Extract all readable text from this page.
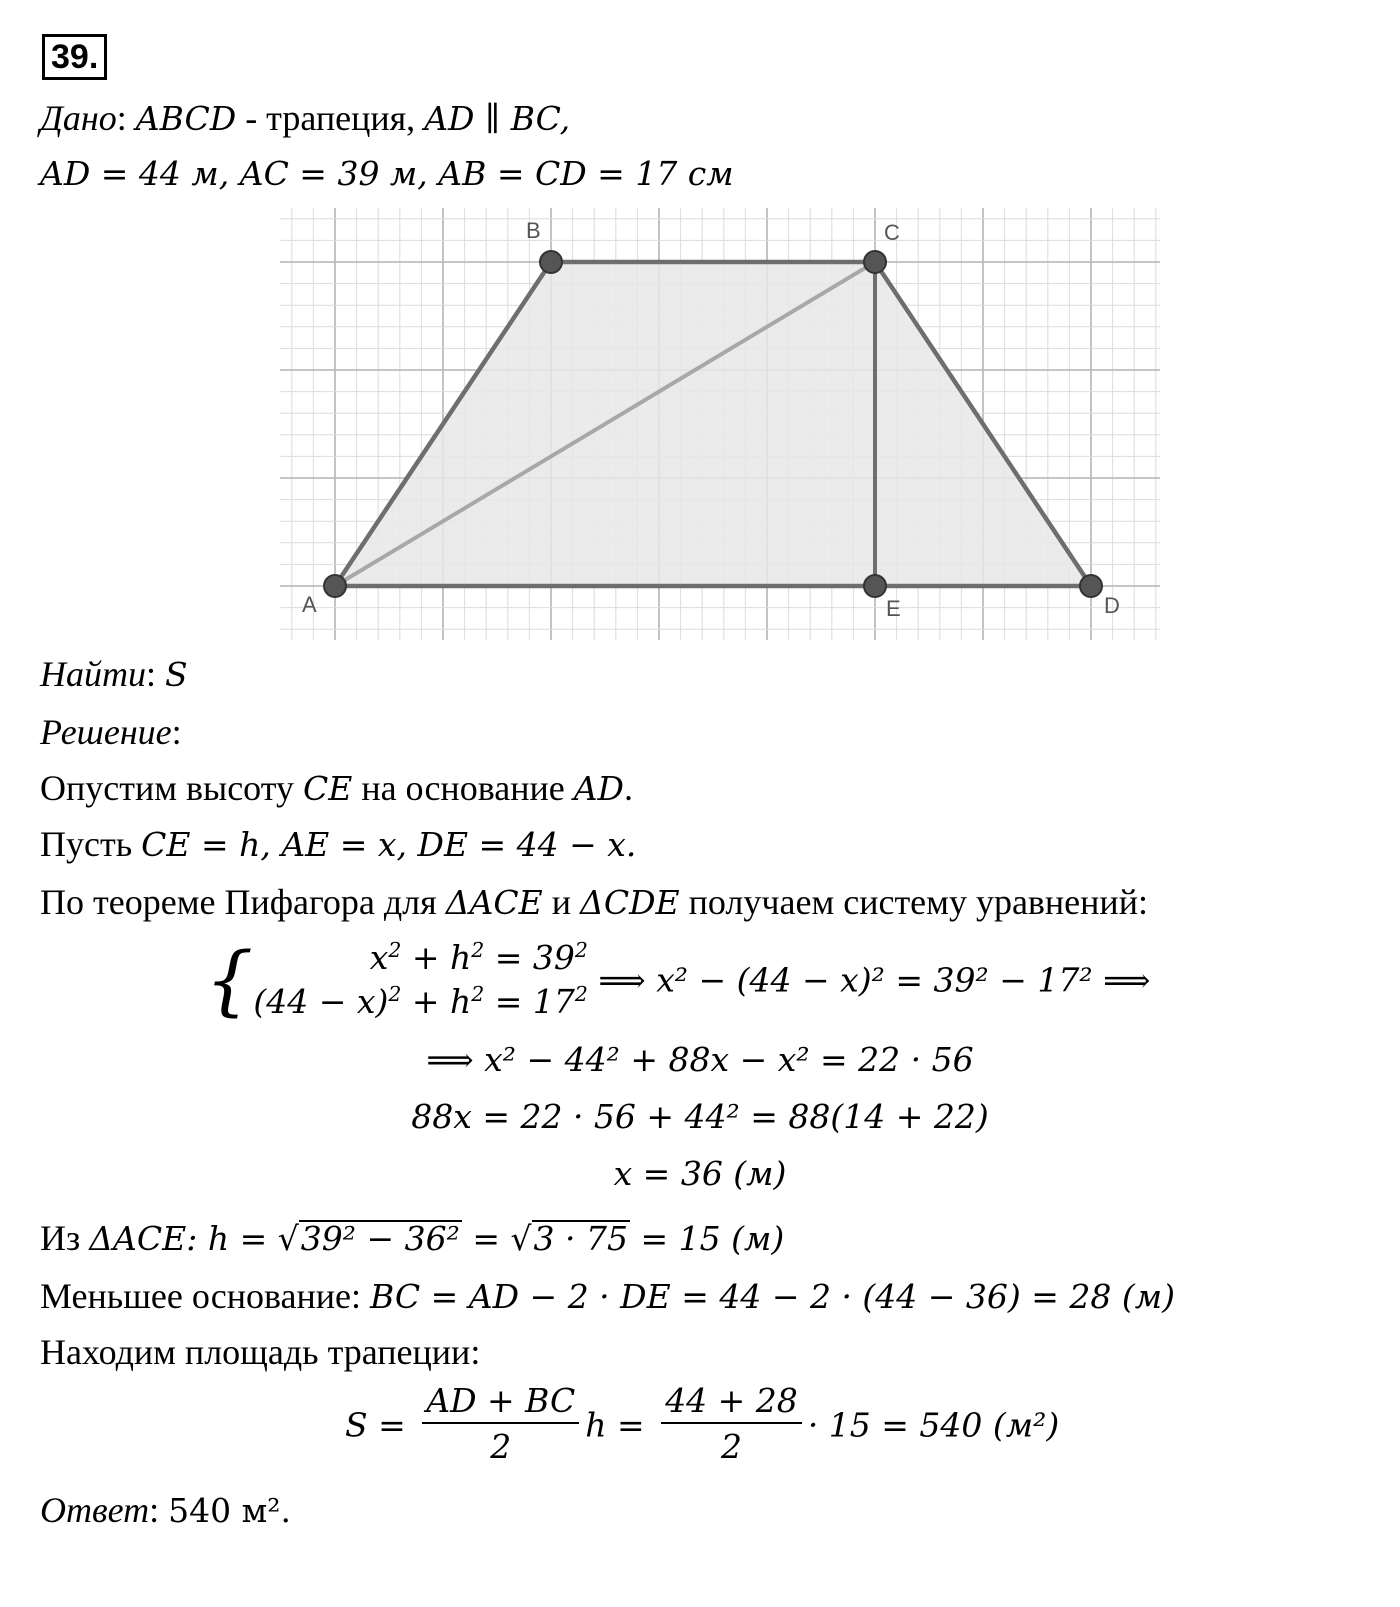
39.
Дано: ABCD - трапеция, AD ∥ BC,
AD = 44 м, AC = 39 м, AB = CD = 17 см
A
B	C
D
E
Найти: S
Решение:
Опустим высоту CE на основание AD.
Пусть CE = h, AE = x, DE = 44 − x.
По теореме Пифагора для ΔACE и ΔCDE получаем систему уравнений:
{	$x^2 + h^2 = 39^2$
$(44 - x)^2 + h^2 = 17^2$ ⟹ x² − (44 − x)² = 39² − 17² ⟹
⟹ x² − 44² + 88x − x² = 22 · 56
88x = 22 · 56 + 44² = 88(14 + 22)
x = 36 (м)
Из ΔACE: h = √39² − 36² = √3 · 75 = 15 (м)
Меньшее основание: BC = AD − 2 · DE = 44 − 2 · (44 − 36) = 28 (м)
Находим площадь трапеции:
$S = \frac{AD + BC}{2}$ $h = \frac{44 + 28}{2} \cdot 15 = 540$ (м²)
Ответ: 540 м².
